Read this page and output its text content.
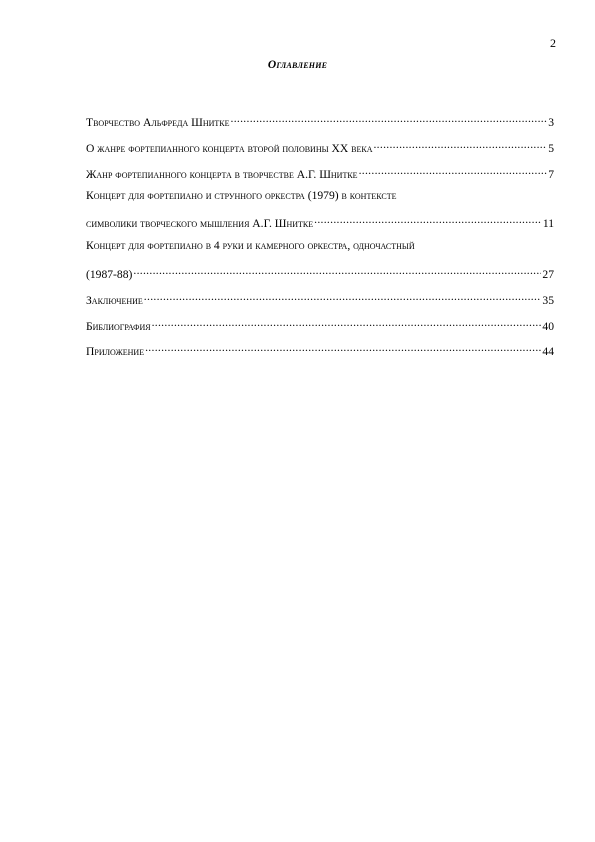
2
Оглавление
Творчество Альфреда Шнитке .....	3
О жанре фортепианного концерта второй половины XX века .....	5
Жанр фортепианного концерта в творчестве А.Г. Шнитке .....	7
Концерт для фортепиано и струнного оркестра (1979) в контексте
символики творческого мышления А.Г. Шнитке .....	11
Концерт для фортепиано в 4 руки и камерного оркестра, одночастный
(1987-88) .....	27
Заключение .....	35
Библиография .....	40
Приложение .....	44
